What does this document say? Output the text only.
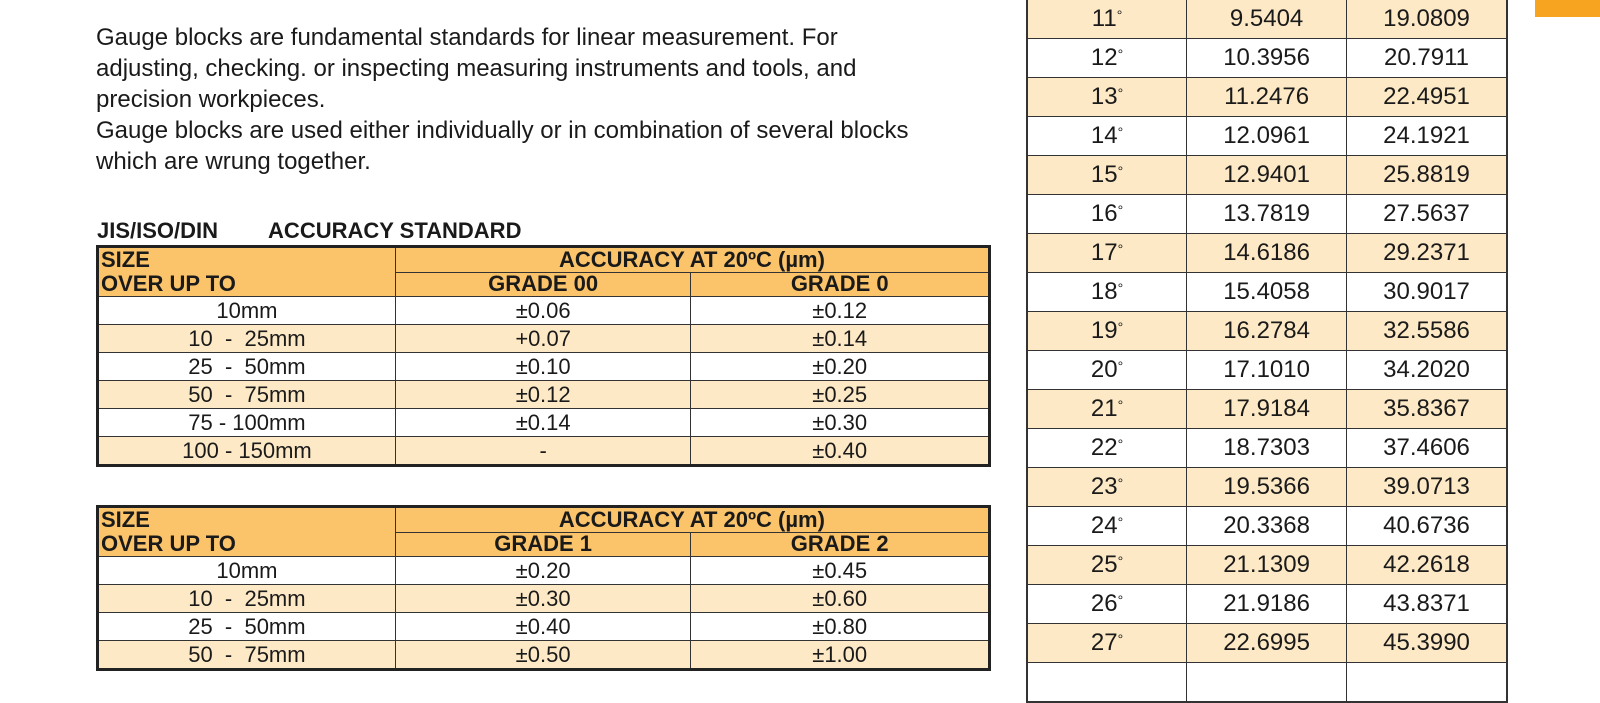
Gauge blocks are fundamental standards for linear measurement. For adjusting, checking. or inspecting measuring instruments and tools, and precision workpieces.

Gauge blocks are used either individually or in combination of several blocks which are wrung together.

JIS/ISO/DIN ACCURACY STANDARD
SIZE
OVER UP TO	ACCURACY AT 20ºC (µm)	
	GRADE 00	GRADE 0
10mm	±0.06	±0.12
10  -  25mm	+0.07	±0.14
25  -  50mm	±0.10	±0.20
50  -  75mm	±0.12	±0.25
75 - 100mm	±0.14	±0.30
100 - 150mm	-	±0.40
SIZE
OVER UP TO	ACCURACY AT 20ºC (µm)	
	GRADE 1	GRADE 2
10mm	±0.20	±0.45
10  -  25mm	±0.30	±0.60
25  -  50mm	±0.40	±0.80
50  -  75mm	±0.50	±1.00
11°	9.5404	19.0809
12°	10.3956	20.7911
13°	11.2476	22.4951
14°	12.0961	24.1921
15°	12.9401	25.8819
16°	13.7819	27.5637
17°	14.6186	29.2371
18°	15.4058	30.9017
19°	16.2784	32.5586
20°	17.1010	34.2020
21°	17.9184	35.8367
22°	18.7303	37.4606
23°	19.5366	39.0713
24°	20.3368	40.6736
25°	21.1309	42.2618
26°	21.9186	43.8371
27°	22.6995	45.3990
